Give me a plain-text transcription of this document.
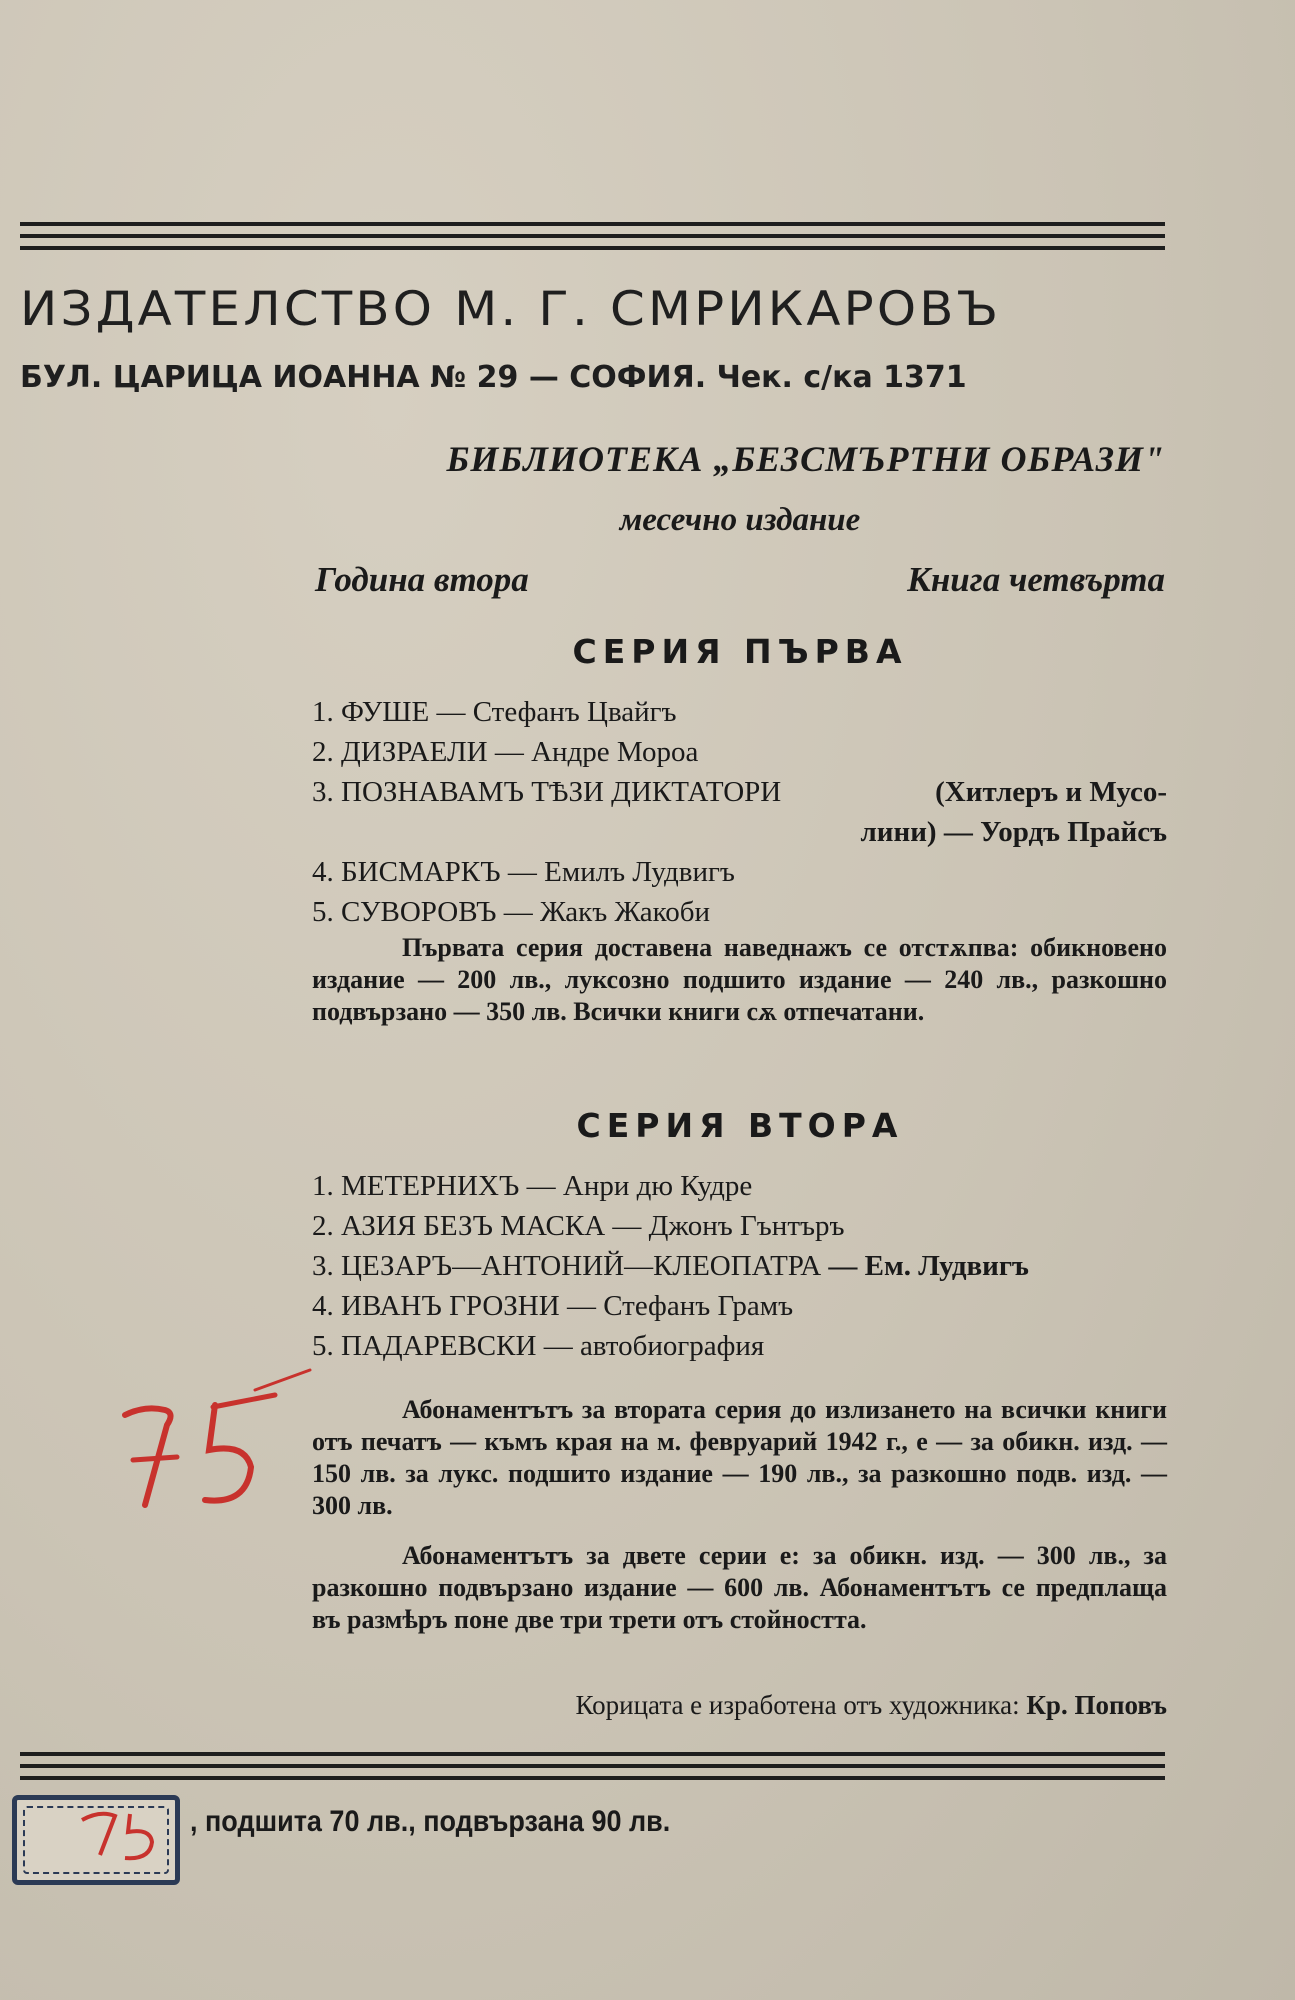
ИЗДАТЕЛСТВО М. Г. СМРИКАРОВЪ
БУЛ. ЦАРИЦА ИОАННА № 29 — СОФИЯ. Чек. с/ка 1371
БИБЛИОТЕКА „БЕЗСМЪРТНИ ОБРАЗИ"
месечно издание
Година втора	Книга четвърта
СЕРИЯ ПЪРВА
1. ФУШЕ — Стефанъ Цвайгъ
2. ДИЗРАЕЛИ — Андре Мороа
3. ПОЗНАВАМЪ ТѢЗИ ДИКТАТОРИ	(Хитлеръ и Мусо-
лини) — Уордъ Прайсъ
4. БИСМАРКЪ — Емилъ Лудвигъ
5. СУВОРОВЪ — Жакъ Жакоби
Първата серия доставена наведнажъ се отстѫпва: обикновено издание — 200 лв., луксозно подшито издание — 240 лв., разкошно подвързано — 350 лв. Всички книги сѫ отпечатани.
СЕРИЯ ВТОРА
1. МЕТЕРНИХЪ — Анри дю Кудре
2. АЗИЯ БЕЗЪ МАСКА — Джонъ Гънтъръ
3. ЦЕЗАРЪ—АНТОНИЙ—КЛЕОПАТРА — Ем. Лудвигъ
4. ИВАНЪ ГРОЗНИ — Стефанъ Грамъ
5. ПАДАРЕВСКИ — автобиография
Абонаментътъ за втората серия до излизането на всички книги отъ печатъ — къмъ края на м. февруарий 1942 г., е — за обикн. изд. — 150 лв. за лукс. подшито издание — 190 лв., за разкошно подв. изд. — 300 лв.
Абонаментътъ за двете серии е: за обикн. изд. — 300 лв., за разкошно подвързано издание — 600 лв. Абонаментътъ се предплаща въ размѣръ поне две три трети отъ стойността.
Корицата е изработена отъ художника: Кр. Поповъ
, подшита 70 лв., подвързана 90 лв.
